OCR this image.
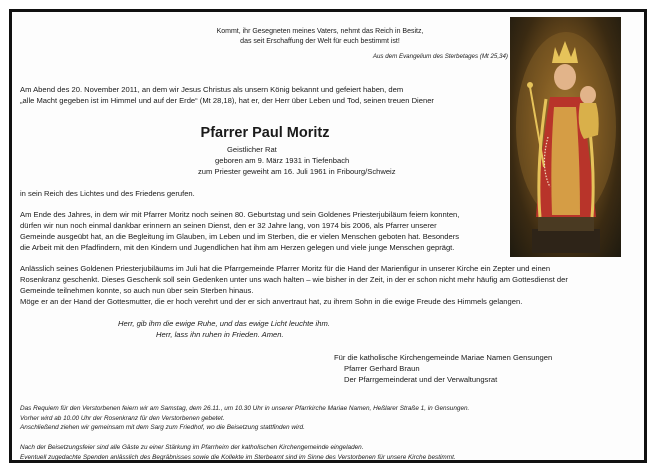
Kommt, ihr Gesegneten meines Vaters, nehmt das Reich in Besitz,
das seit Erschaffung der Welt für euch bestimmt ist!
Aus dem Evangelium des Sterbetages (Mt 25,34)
Am Abend des 20. November 2011, an dem wir Jesus Christus als unsern König bekannt und gefeiert haben, dem
„alle Macht gegeben ist im Himmel und auf der Erde“ (Mt 28,18), hat er, der Herr über Leben und Tod, seinen treuen Diener
Pfarrer Paul Moritz
Geistlicher Rat
geboren am 9. März 1931 in Tiefenbach
zum Priester geweiht am 16. Juli 1961 in Fribourg/Schweiz
in sein Reich des Lichtes und des Friedens gerufen.
Am Ende des Jahres, in dem wir mit Pfarrer Moritz noch seinen 80. Geburtstag und sein Goldenes Priesterjubiläum feiern konnten,
dürfen wir nun noch einmal dankbar erinnern an seinen Dienst, den er 32 Jahre lang, von 1974 bis 2006, als Pfarrer unserer
Gemeinde ausgeübt hat, an die Begleitung im Glauben, im Leben und im Sterben, die er vielen Menschen geboten hat. Besonders
die Arbeit mit den Pfadfindern, mit den Kindern und Jugendlichen hat ihm am Herzen gelegen und viele junge Menschen geprägt.
Anlässlich seines Goldenen Priesterjubiläums im Juli hat die Pfarrgemeinde Pfarrer Moritz für die Hand der Marienfigur in unserer Kirche ein Zepter und einen
Rosenkranz geschenkt. Dieses Geschenk soll sein Gedenken unter uns wach halten – wie bisher in der Zeit, in der er schon nicht mehr häufig am Gottesdienst der
Gemeinde teilnehmen konnte, so auch nun über sein Sterben hinaus.
Möge er an der Hand der Gottesmutter, die er hoch verehrt und der er sich anvertraut hat, zu ihrem Sohn in die ewige Freude des Himmels gelangen.
Herr, gib ihm die ewige Ruhe, und das ewige Licht leuchte ihm.
Herr, lass ihn ruhen in Frieden. Amen.
Für die katholische Kirchengemeinde Mariae Namen Gensungen
Pfarrer Gerhard Braun
Der Pfarrgemeinderat und der Verwaltungsrat
Das Requiem für den Verstorbenen feiern wir am Samstag, dem 26.11., um 10.30 Uhr in unserer Pfarrkirche Mariae Namen, Heßlarer Straße 1, in Gensungen.
Vorher wird ab 10.00 Uhr der Rosenkranz für den Verstorbenen gebetet.
Anschließend ziehen wir gemeinsam mit dem Sarg zum Friedhof, wo die Beisetzung stattfinden wird.
Nach der Beisetzungsfeier sind alle Gäste zu einer Stärkung im Pfarrheim der katholischen Kirchengemeinde eingeladen.
Eventuell zugedachte Spenden anlässlich des Begräbnisses sowie die Kollekte im Sterbeamt sind im Sinne des Verstorbenen für unsere Kirche bestimmt.
